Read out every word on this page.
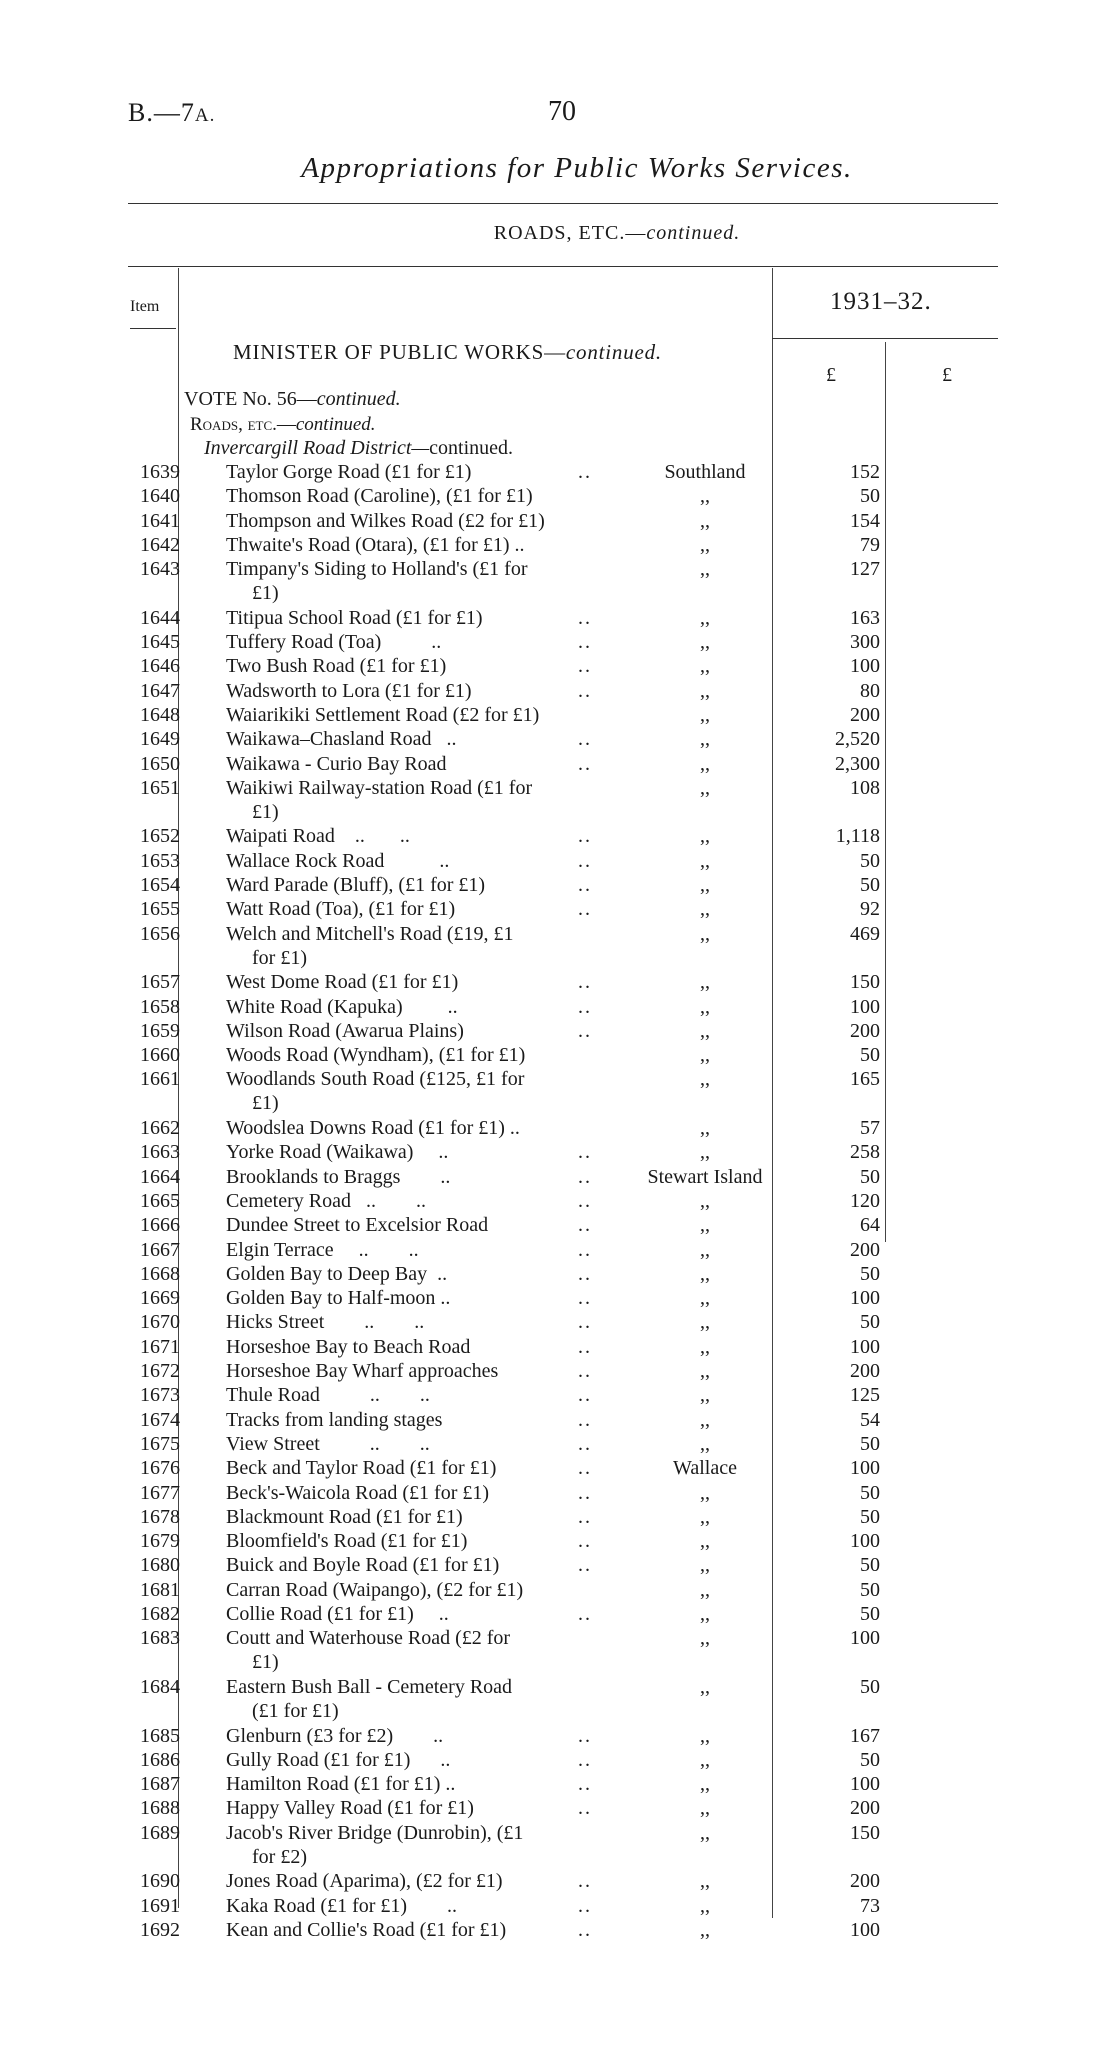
B.—7A.	70
Appropriations for Public Works Services.
ROADS, ETC.—continued.
Item	1931–32.
£	£
MINISTER OF PUBLIC WORKS—continued.
VOTE No. 56—continued.
Roads, etc.—continued.
Invercargill Road District—continued.
1639 Taylor Gorge Road (£1 for £1)	..	Southland	152
1640 Thomson Road (Caroline), (£1 for £1)	,,	50
1641 Thompson and Wilkes Road (£2 for £1)	,,	154
1642 Thwaite's Road (Otara), (£1 for £1) ..	,,	79
1643 Timpany's Siding to Holland's (£1 for
£1)
,,	127
1644 Titipua School Road (£1 for £1)	..	,,	163
1645 Tuffery Road (Toa)          ..	..	,,	300
1646 Two Bush Road (£1 for £1)	..	,,	100
1647 Wadsworth to Lora (£1 for £1)	..	,,	80
1648 Waiarikiki Settlement Road (£2 for £1)	,,	200
1649 Waikawa–Chasland Road   ..	..	,,	2,520
1650 Waikawa - Curio Bay Road	..	,,	2,300
1651 Waikiwi Railway-station Road (£1 for
£1)
,,	108
1652 Waipati Road    ..       ..	..	,,	1,118
1653 Wallace Rock Road           ..	..	,,	50
1654 Ward Parade (Bluff), (£1 for £1)	..	,,	50
1655 Watt Road (Toa), (£1 for £1)	..	,,	92
1656 Welch and Mitchell's Road (£19, £1
for £1)
,,	469
1657 West Dome Road (£1 for £1)	..	,,	150
1658 White Road (Kapuka)         ..	..	,,	100
1659 Wilson Road (Awarua Plains)	..	,,	200
1660 Woods Road (Wyndham), (£1 for £1)	,,	50
1661 Woodlands South Road (£125, £1 for
£1)
,,	165
1662 Woodslea Downs Road (£1 for £1) ..	,,	57
1663 Yorke Road (Waikawa)     ..	..	,,	258
1664 Brooklands to Braggs        ..	..	Stewart Island	50
1665 Cemetery Road   ..        ..	..	,,	120
1666 Dundee Street to Excelsior Road	..	,,	64
1667 Elgin Terrace     ..        ..	..	,,	200
1668 Golden Bay to Deep Bay  ..	..	,,	50
1669 Golden Bay to Half-moon ..	..	,,	100
1670 Hicks Street        ..        ..	..	,,	50
1671 Horseshoe Bay to Beach Road	..	,,	100
1672 Horseshoe Bay Wharf approaches	..	,,	200
1673 Thule Road          ..        ..	..	,,	125
1674 Tracks from landing stages	..	,,	54
1675 View Street          ..        ..	..	,,	50
1676 Beck and Taylor Road (£1 for £1)	..	Wallace	100
1677 Beck's-Waicola Road (£1 for £1)	..	,,	50
1678 Blackmount Road (£1 for £1)	..	,,	50
1679 Bloomfield's Road (£1 for £1)	..	,,	100
1680 Buick and Boyle Road (£1 for £1)	..	,,	50
1681 Carran Road (Waipango), (£2 for £1)	,,	50
1682 Collie Road (£1 for £1)     ..	..	,,	50
1683 Coutt and Waterhouse Road (£2 for
£1)
,,	100
1684 Eastern Bush Ball - Cemetery Road
(£1 for £1)
,,	50
1685 Glenburn (£3 for £2)        ..	..	,,	167
1686 Gully Road (£1 for £1)      ..	..	,,	50
1687 Hamilton Road (£1 for £1) ..	..	,,	100
1688 Happy Valley Road (£1 for £1)	..	,,	200
1689 Jacob's River Bridge (Dunrobin), (£1
for £2)
,,	150
1690 Jones Road (Aparima), (£2 for £1)	..	,,	200
1691 Kaka Road (£1 for £1)        ..	..	,,	73
1692 Kean and Collie's Road (£1 for £1)	..	,,	100
